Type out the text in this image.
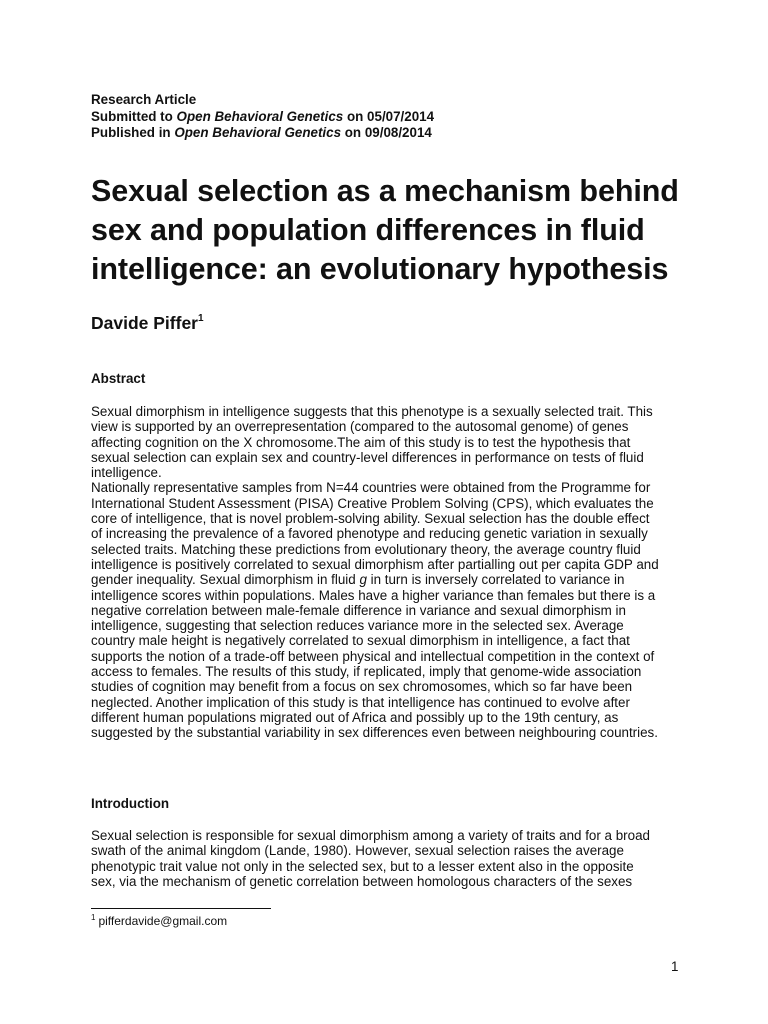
Research Article
Submitted to Open Behavioral Genetics on 05/07/2014
Published in Open Behavioral Genetics on 09/08/2014
Sexual selection as a mechanism behind
sex and population differences in fluid
intelligence: an evolutionary hypothesis
Davide Piffer$^1$
Abstract
Sexual dimorphism in intelligence suggests that this phenotype is a sexually selected trait. This
view is supported by an overrepresentation (compared to the autosomal genome) of genes
affecting cognition on the X chromosome.The aim of this study is to test the hypothesis that
sexual selection can explain sex and country-level differences in performance on tests of fluid
intelligence.
Nationally representative samples from N=44 countries were obtained from the Programme for
International Student Assessment (PISA) Creative Problem Solving (CPS), which evaluates the
core of intelligence, that is novel problem-solving ability. Sexual selection has the double effect
of increasing the prevalence of a favored phenotype and reducing genetic variation in sexually
selected traits. Matching these predictions from evolutionary theory, the average country fluid
intelligence is positively correlated to sexual dimorphism after partialling out per capita GDP and
gender inequality. Sexual dimorphism in fluid g in turn is inversely correlated to variance in
intelligence scores within populations. Males have a higher variance than females but there is a
negative correlation between male-female difference in variance and sexual dimorphism in
intelligence, suggesting that selection reduces variance more in the selected sex. Average
country male height is negatively correlated to sexual dimorphism in intelligence, a fact that
supports the notion of a trade-off between physical and intellectual competition in the context of
access to females. The results of this study, if replicated, imply that genome-wide association
studies of cognition may benefit from a focus on sex chromosomes, which so far have been
neglected. Another implication of this study is that intelligence has continued to evolve after
different human populations migrated out of Africa and possibly up to the 19th century, as
suggested by the substantial variability in sex differences even between neighbouring countries.
Introduction
Sexual selection is responsible for sexual dimorphism among a variety of traits and for a broad
swath of the animal kingdom (Lande, 1980). However, sexual selection raises the average
phenotypic trait value not only in the selected sex, but to a lesser extent also in the opposite
sex, via the mechanism of genetic correlation between homologous characters of the sexes
$^1$ pifferdavide@gmail.com
1
